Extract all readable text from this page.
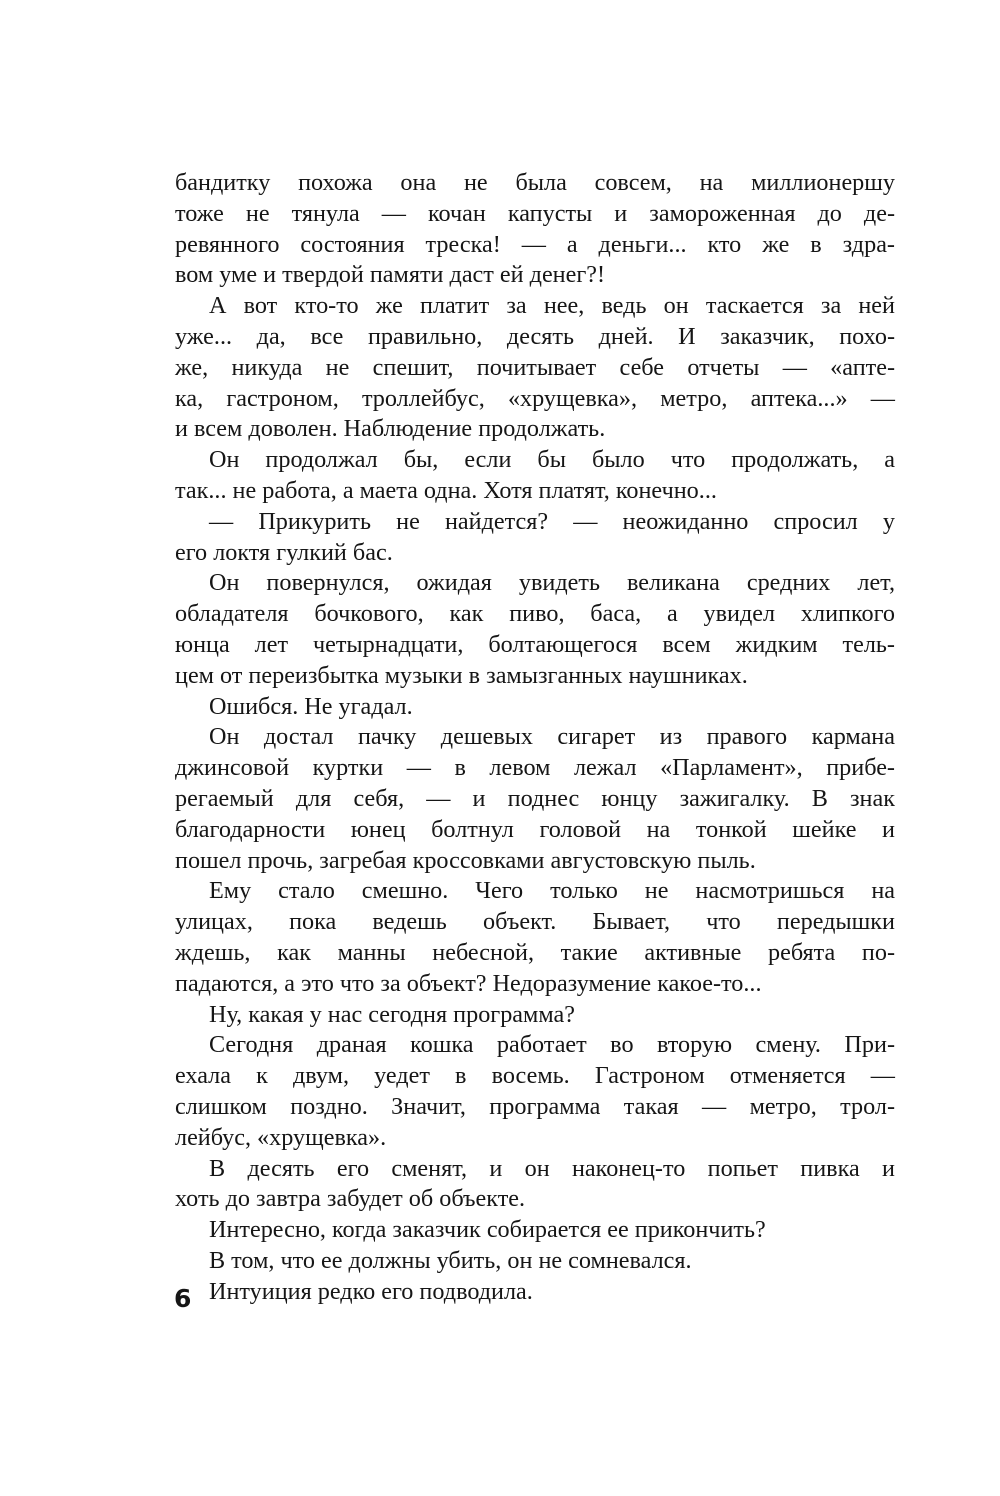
бандитку похожа она не была совсем, на миллионершу
тоже не тянула — кочан капусты и замороженная до де-
ревянного состояния треска! — а деньги... кто же в здра-
вом уме и твердой памяти даст ей денег?!
А вот кто-то же платит за нее, ведь он таскается за ней
уже... да, все правильно, десять дней. И заказчик, похо-
же, никуда не спешит, почитывает себе отчеты — «апте-
ка, гастроном, троллейбус, «хрущевка», метро, аптека...» —
и всем доволен. Наблюдение продолжать.
Он продолжал бы, если бы было что продолжать, а
так... не работа, а маета одна. Хотя платят, конечно...
— Прикурить не найдется? — неожиданно спросил у
его локтя гулкий бас.
Он повернулся, ожидая увидеть великана средних лет,
обладателя бочкового, как пиво, баса, а увидел хлипкого
юнца лет четырнадцати, болтающегося всем жидким тель-
цем от переизбытка музыки в замызганных наушниках.
Ошибся. Не угадал.
Он достал пачку дешевых сигарет из правого кармана
джинсовой куртки — в левом лежал «Парламент», прибе-
регаемый для себя, — и поднес юнцу зажигалку. В знак
благодарности юнец болтнул головой на тонкой шейке и
пошел прочь, загребая кроссовками августовскую пыль.
Ему стало смешно. Чего только не насмотришься на
улицах, пока ведешь объект. Бывает, что передышки
ждешь, как манны небесной, такие активные ребята по-
падаются, а это что за объект? Недоразумение какое-то...
Ну, какая у нас сегодня программа?
Сегодня драная кошка работает во вторую смену. При-
ехала к двум, уедет в восемь. Гастроном отменяется —
слишком поздно. Значит, программа такая — метро, трол-
лейбус, «хрущевка».
В десять его сменят, и он наконец-то попьет пивка и
хоть до завтра забудет об объекте.
Интересно, когда заказчик собирается ее прикончить?
В том, что ее должны убить, он не сомневался.
Интуиция редко его подводила.
6
